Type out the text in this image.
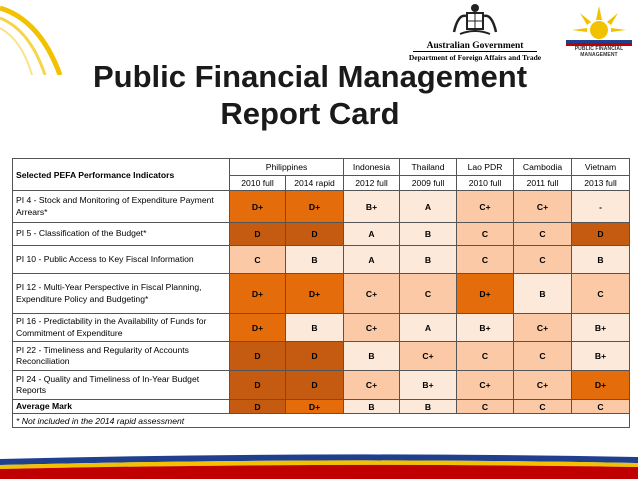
Australian Government
Department of Foreign Affairs and Trade
PUBLIC FINANCIAL MANAGEMENT
Public Financial Management
Report Card
Selected PEFA Performance Indicators	Philippines		Indonesia	Thailand	Lao PDR	Cambodia	Vietnam
	2010 full	2014 rapid	2012 full	2009 full	2010 full	2011 full	2013 full
PI 4 - Stock and Monitoring of Expenditure Payment Arrears*	D+	D+	B+	A	C+	C+	-
PI 5 - Classification of the Budget*	D	D	A	B	C	C	D
PI 10 - Public Access to Key Fiscal Information	C	B	A	B	C	C	B
PI 12 - Multi-Year Perspective in Fiscal Planning, Expenditure Policy and Budgeting*	D+	D+	C+	C	D+	B	C
PI 16 - Predictability in the Availability of Funds for Commitment of Expenditure	D+	B	C+	A	B+	C+	B+
PI 22 - Timeliness and Regularity of Accounts Reconciliation	D	D	B	C+	C	C	B+
PI 24 - Quality and Timeliness of In-Year Budget Reports	D	D	C+	B+	C+	C+	D+
Average Mark	D	D+	B	B	C	C	C
* Not included in the 2014 rapid assessment							
